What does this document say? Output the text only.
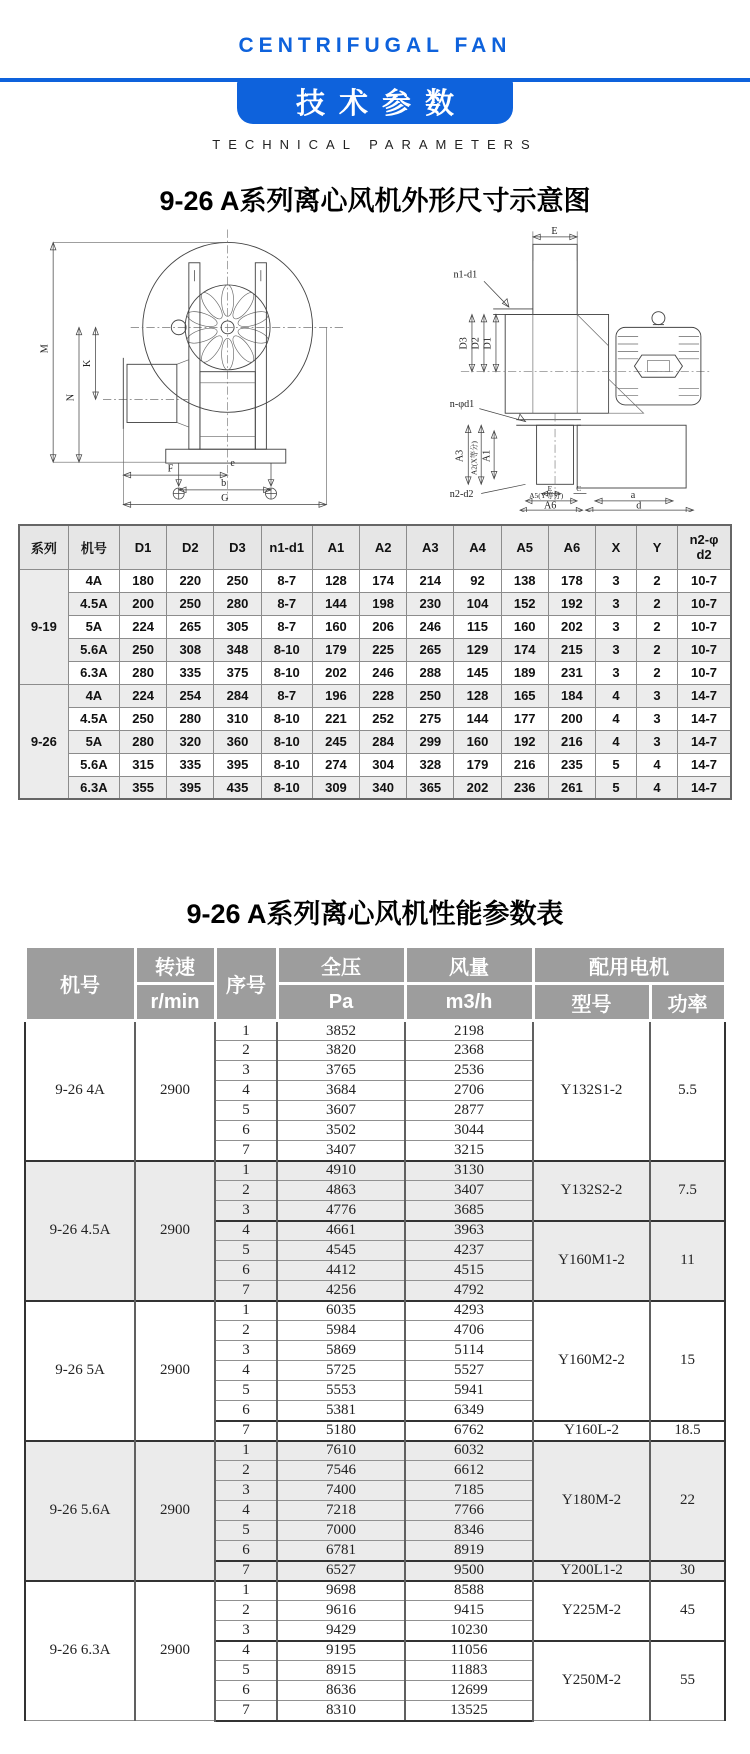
CENTRIFUGAL FAN
技术参数
TECHNICAL PARAMETERS
9-26 A系列离心风机外形尺寸示意图
M
N
K
F
e
b
G
E
n1-d1
D3 D2 D1
n-φd1
A3 A2(X等分) A1
n2-d2
E	C
A5(Y等分)
A6
a
d
系列	机号	D1	D2	D3	n1-d1	A1	A2	A3	A4	A5	A6	X	Y	n2-φ
d2

9-19	4A	180	220	250	8-7	128	174	214	92	138	178	3	2	10-7
	4.5A	200	250	280	8-7	144	198	230	104	152	192	3	2	10-7
	5A	224	265	305	8-7	160	206	246	115	160	202	3	2	10-7
	5.6A	250	308	348	8-10	179	225	265	129	174	215	3	2	10-7
	6.3A	280	335	375	8-10	202	246	288	145	189	231	3	2	10-7
9-26	4A	224	254	284	8-7	196	228	250	128	165	184	4	3	14-7
	4.5A	250	280	310	8-10	221	252	275	144	177	200	4	3	14-7
	5A	280	320	360	8-10	245	284	299	160	192	216	4	3	14-7
	5.6A	315	335	395	8-10	274	304	328	179	216	235	5	4	14-7
	6.3A	355	395	435	8-10	309	340	365	202	236	261	5	4	14-7
9-26 A系列离心风机性能参数表
机号	转速	序号	全压	风量	配用电机	
	r/min		Pa	m3/h	型号	功率
9-26 4A	2900	1	3852	2198	Y132S1-2	5.5
		2	3820	2368		
		3	3765	2536		
		4	3684	2706		
		5	3607	2877		
		6	3502	3044		
		7	3407	3215		
9-26 4.5A	2900	1	4910	3130	Y132S2-2	7.5
		2	4863	3407		
		3	4776	3685		
		4	4661	3963	Y160M1-2	11
		5	4545	4237		
		6	4412	4515		
		7	4256	4792		
9-26 5A	2900	1	6035	4293	Y160M2-2	15
		2	5984	4706		
		3	5869	5114		
		4	5725	5527		
		5	5553	5941		
		6	5381	6349		
		7	5180	6762	Y160L-2	18.5
9-26 5.6A	2900	1	7610	6032	Y180M-2	22
		2	7546	6612		
		3	7400	7185		
		4	7218	7766		
		5	7000	8346		
		6	6781	8919		
		7	6527	9500	Y200L1-2	30
9-26 6.3A	2900	1	9698	8588	Y225M-2	45
		2	9616	9415		
		3	9429	10230		
		4	9195	11056	Y250M-2	55
		5	8915	11883		
		6	8636	12699		
		7	8310	13525		
